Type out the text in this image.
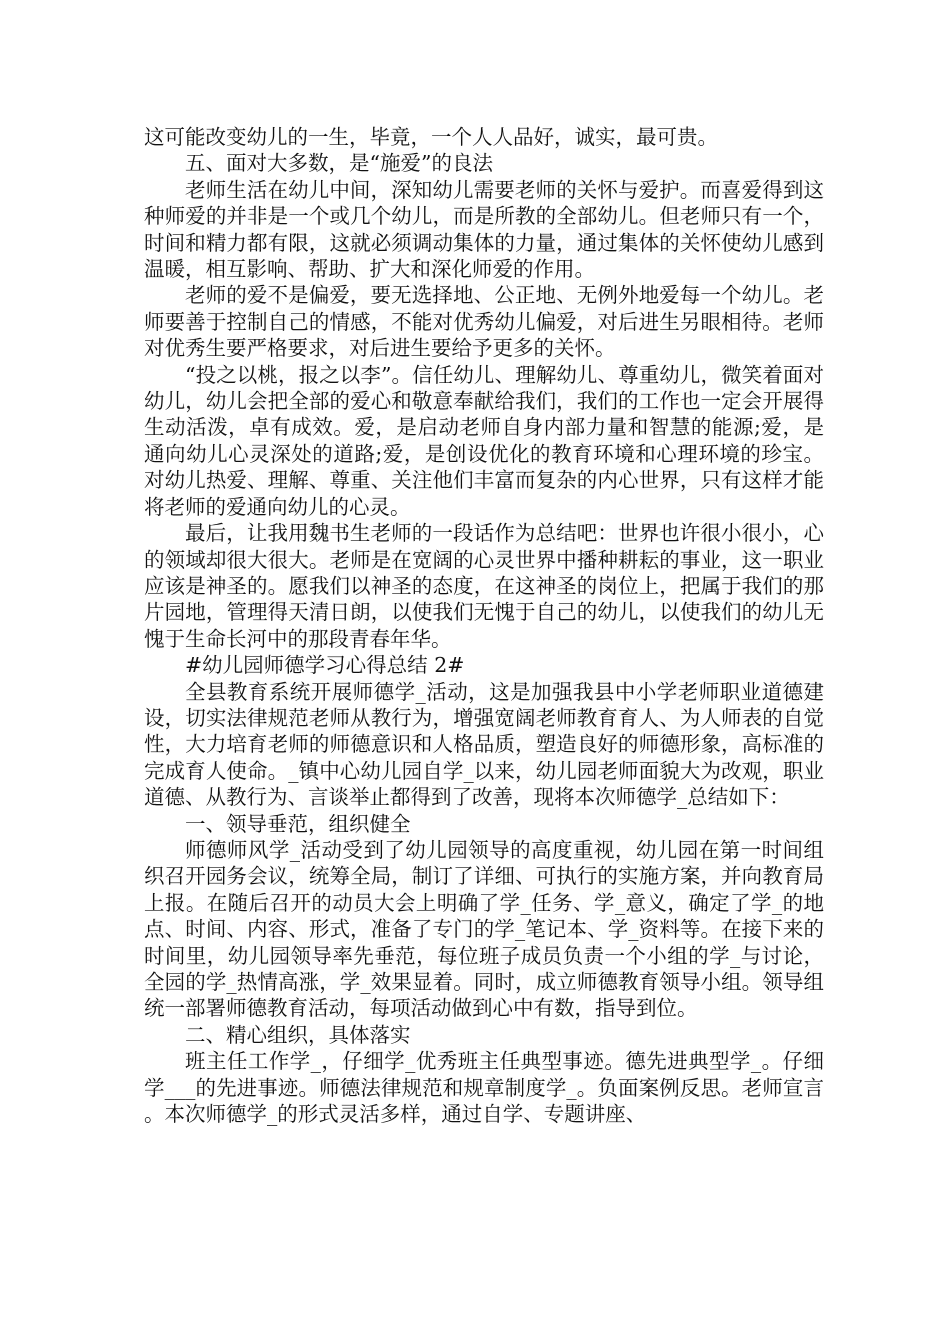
这可能改变幼儿的一生，毕竟，一个人人品好，诚实，最可贵。

五、面对大多数，是“施爱”的良法

老师生活在幼儿中间，深知幼儿需要老师的关怀与爱护。而喜爱得到这种师爱的并非是一个或几个幼儿，而是所教的全部幼儿。但老师只有一个，时间和精力都有限，这就必须调动集体的力量，通过集体的关怀使幼儿感到温暖，相互影响、帮助、扩大和深化师爱的作用。

老师的爱不是偏爱，要无选择地、公正地、无例外地爱每一个幼儿。老师要善于控制自己的情感，不能对优秀幼儿偏爱，对后进生另眼相待。老师对优秀生要严格要求，对后进生要给予更多的关怀。

“投之以桃，报之以李”。信任幼儿、理解幼儿、尊重幼儿，微笑着面对幼儿，幼儿会把全部的爱心和敬意奉献给我们，我们的工作也一定会开展得生动活泼，卓有成效。爱，是启动老师自身内部力量和智慧的能源;爱，是通向幼儿心灵深处的道路;爱，是创设优化的教育环境和心理环境的珍宝。对幼儿热爱、理解、尊重、关注他们丰富而复杂的内心世界，只有这样才能将老师的爱通向幼儿的心灵。

最后，让我用魏书生老师的一段话作为总结吧：世界也许很小很小，心的领域却很大很大。老师是在宽阔的心灵世界中播种耕耘的事业，这一职业应该是神圣的。愿我们以神圣的态度，在这神圣的岗位上，把属于我们的那片园地，管理得天清日朗，以使我们无愧于自己的幼儿，以使我们的幼儿无愧于生命长河中的那段青春年华。

#幼儿园师德学习心得总结 2#

全县教育系统开展师德学_活动，这是加强我县中小学老师职业道德建设，切实法律规范老师从教行为，增强宽阔老师教育育人、为人师表的自觉性，大力培育老师的师德意识和人格品质，塑造良好的师德形象，高标准的完成育人使命。_镇中心幼儿园自学_以来，幼儿园老师面貌大为改观，职业道德、从教行为、言谈举止都得到了改善，现将本次师德学_总结如下：

一、领导垂范，组织健全

师德师风学_活动受到了幼儿园领导的高度重视，幼儿园在第一时间组织召开园务会议，统筹全局，制订了详细、可执行的实施方案，并向教育局上报。在随后召开的动员大会上明确了学_任务、学_意义，确定了学_的地点、时间、内容、形式，准备了专门的学_笔记本、学_资料等。在接下来的时间里，幼儿园领导率先垂范，每位班子成员负责一个小组的学_与讨论，全园的学_热情高涨，学_效果显着。同时，成立师德教育领导小组。领导组统一部署师德教育活动，每项活动做到心中有数，指导到位。

二、精心组织，具体落实

班主任工作学_，仔细学_优秀班主任典型事迹。德先进典型学_。仔细学___的先进事迹。师德法律规范和规章制度学_。负面案例反思。老师宣言。本次师德学_的形式灵活多样，通过自学、专题讲座、
